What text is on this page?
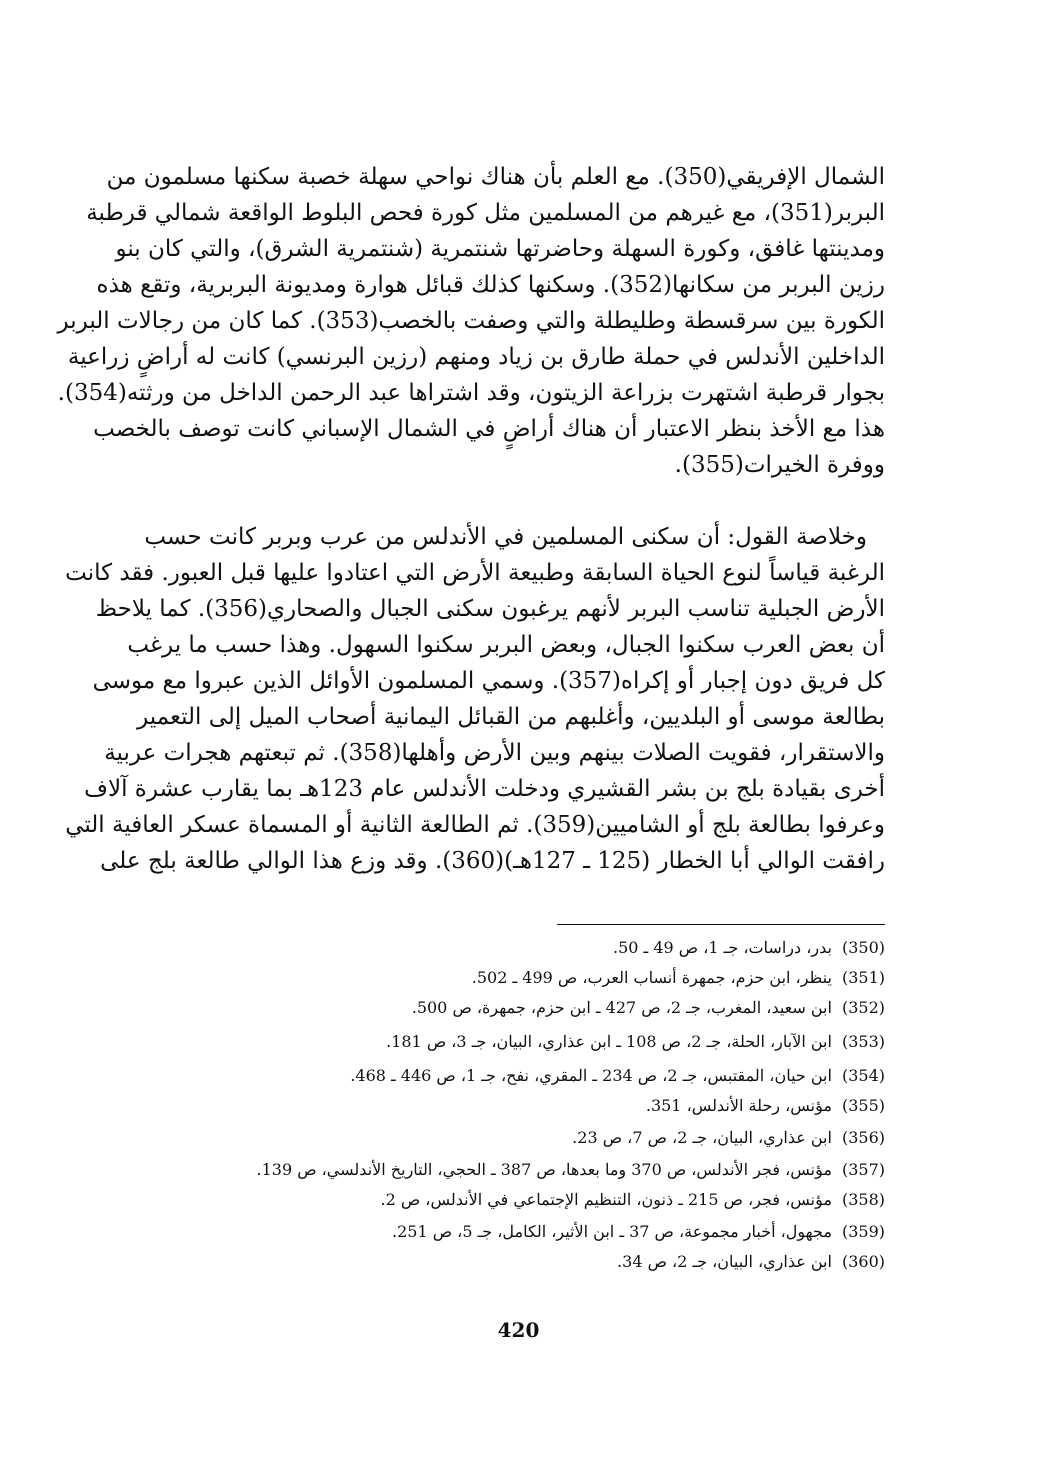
الشمال الإفريقي(350). مع العلم بأن هناك نواحي سهلة خصبة سكنها مسلمون من
البربر(351)، مع غيرهم من المسلمين مثل كورة فحص البلوط الواقعة شمالي قرطبة
ومدينتها غافق، وكورة السهلة وحاضرتها شنتمرية (شنتمرية الشرق)، والتي كان بنو
رزين البربر من سكانها(352). وسكنها كذلك قبائل هوارة ومديونة البربرية، وتقع هذه
الكورة بين سرقسطة وطليطلة والتي وصفت بالخصب(353). كما كان من رجالات البربر
الداخلين الأندلس في حملة طارق بن زياد ومنهم (رزين البرنسي) كانت له أراضٍ زراعية
بجوار قرطبة اشتهرت بزراعة الزيتون، وقد اشتراها عبد الرحمن الداخل من ورثته(354).
هذا مع الأخذ بنظر الاعتبار أن هناك أراضٍ في الشمال الإسباني كانت توصف بالخصب
ووفرة الخيرات(355).
وخلاصة القول: أن سكنى المسلمين في الأندلس من عرب وبربر كانت حسب
الرغبة قياساً لنوع الحياة السابقة وطبيعة الأرض التي اعتادوا عليها قبل العبور. فقد كانت
الأرض الجبلية تناسب البربر لأنهم يرغبون سكنى الجبال والصحاري(356). كما يلاحظ
أن بعض العرب سكنوا الجبال، وبعض البربر سكنوا السهول. وهذا حسب ما يرغب
كل فريق دون إجبار أو إكراه(357). وسمي المسلمون الأوائل الذين عبروا مع موسى
بطالعة موسى أو البلديين، وأغلبهم من القبائل اليمانية أصحاب الميل إلى التعمير
والاستقرار، فقويت الصلات بينهم وبين الأرض وأهلها(358). ثم تبعتهم هجرات عربية
أخرى بقيادة بلج بن بشر القشيري ودخلت الأندلس عام 123هـ بما يقارب عشرة آلاف
وعرفوا بطالعة بلج أو الشاميين(359). ثم الطالعة الثانية أو المسماة عسكر العافية التي
رافقت الوالي أبا الخطار (125 ـ 127هـ)(360). وقد وزع هذا الوالي طالعة بلج على
(350)بدر، دراسات، جـ 1، ص 49 ـ 50.
(351)ينظر، ابن حزم، جمهرة أنساب العرب، ص 499 ـ 502.
(352)ابن سعيد، المغرب، جـ 2، ص 427 ـ ابن حزم، جمهرة، ص 500.
(353)ابن الآبار، الحلة، جـ 2، ص 108 ـ ابن عذاري، البيان، جـ 3، ص 181.
(354)ابن حيان، المقتبس، جـ 2، ص 234 ـ المقري، نفح، جـ 1، ص 446 ـ 468.
(355)مؤنس، رحلة الأندلس، 351.
(356)ابن عذاري، البيان، جـ 2، ص 7، ص 23.
(357)مؤنس، فجر الأندلس، ص 370 وما بعدها، ص 387 ـ الحجي، التاريخ الأندلسي، ص 139.
(358)مؤنس، فجر، ص 215 ـ ذنون، التنظيم الإجتماعي في الأندلس، ص 2.
(359)مجهول، أخبار مجموعة، ص 37 ـ ابن الأثير، الكامل، جـ 5، ص 251.
(360)ابن عذاري، البيان، جـ 2، ص 34.
420
